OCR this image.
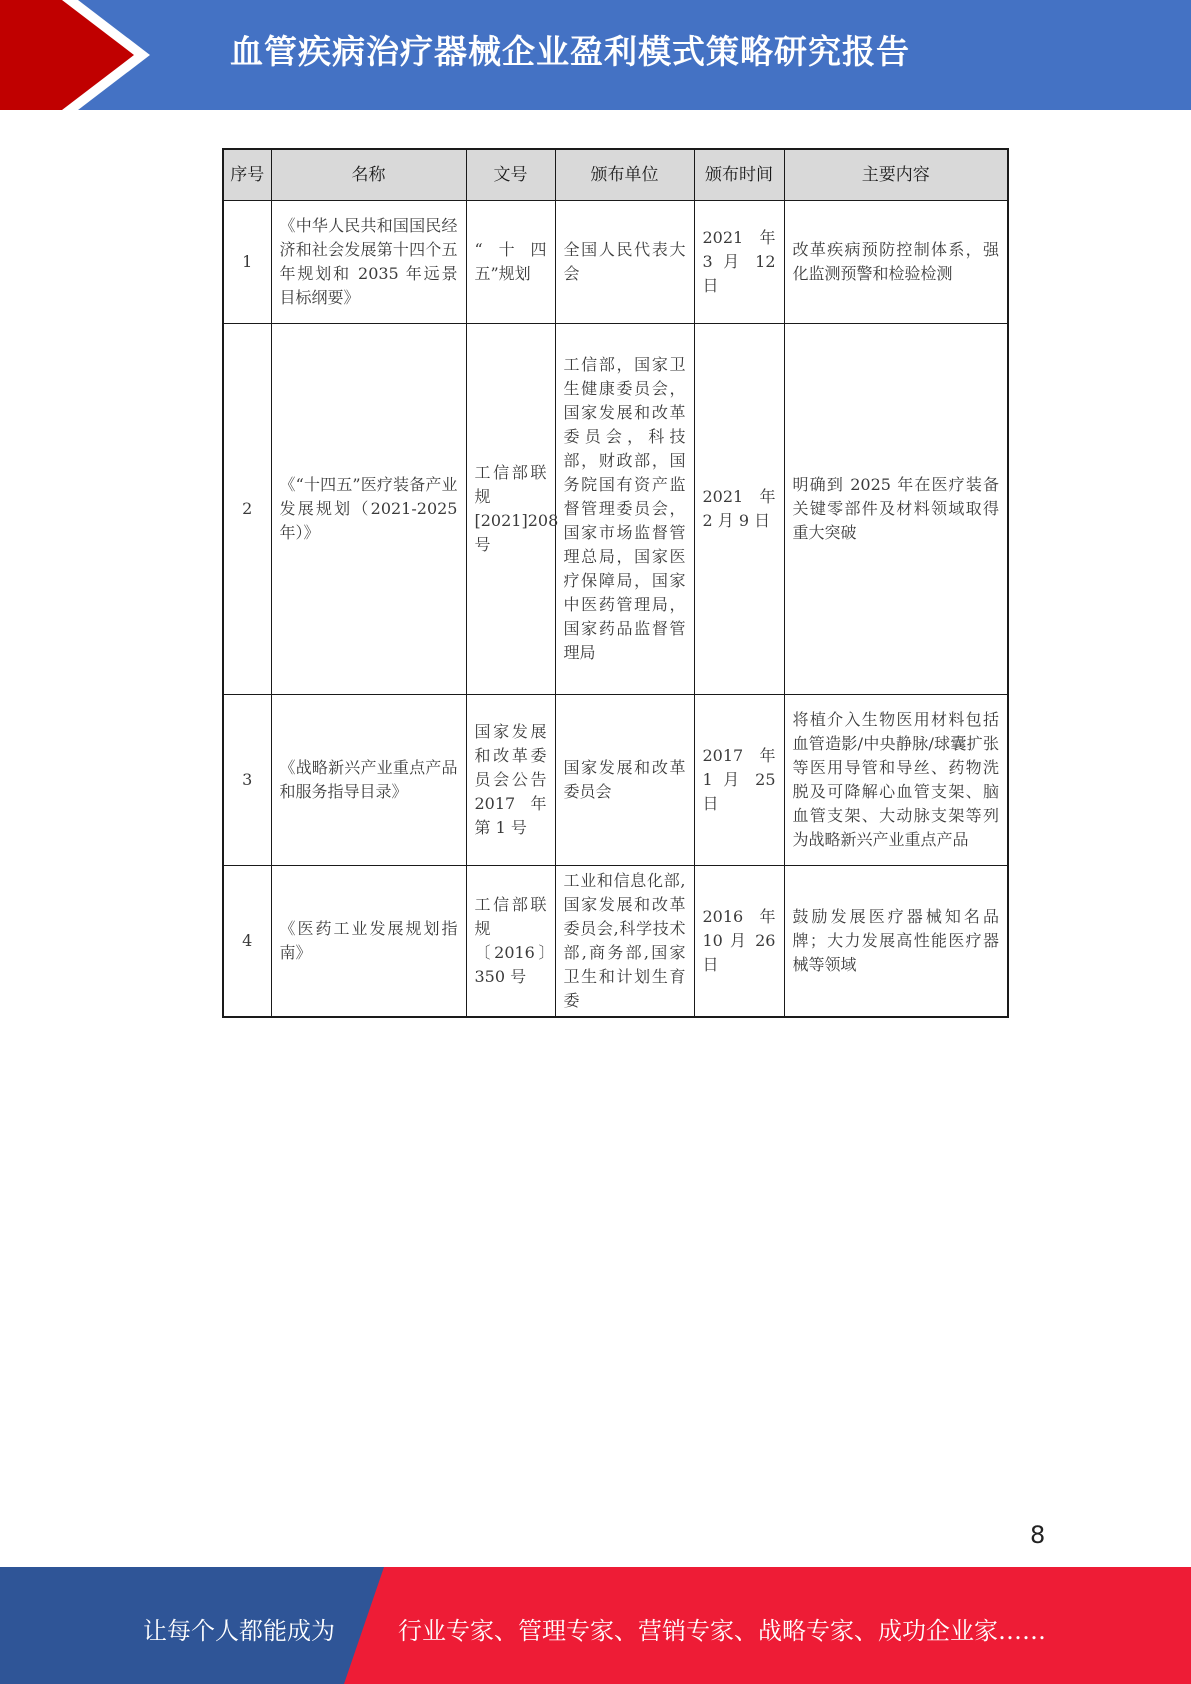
血管疾病治疗器械企业盈利模式策略研究报告
序号	名称	文号	颁布单位	颁布时间	主要内容
1	《中华人民共和国国民经济和社会发展第十四个五年规划和 2035 年远景目标纲要》	“十四五”规划	全国人民代表大会	2021 年 3 月 12 日	改革疾病预防控制体系，强化监测预警和检验检测
2	《“十四五”医疗装备产业发展规划（2021-2025 年）》	工信部联规[2021]208 号	工信部，国家卫生健康委员会，国家发展和改革委员会，科技部，财政部，国务院国有资产监督管理委员会，国家市场监督管理总局，国家医疗保障局，国家中医药管理局，国家药品监督管理局	2021 年 2 月 9 日	明确到 2025 年在医疗装备关键零部件及材料领域取得重大突破
3	《战略新兴产业重点产品和服务指导目录》	国家发展和改革委员会公告 2017 年第 1 号	国家发展和改革委员会	2017 年 1 月 25 日	将植介入生物医用材料包括血管造影/中央静脉/球囊扩张等医用导管和导丝、药物洗脱及可降解心血管支架、脑血管支架、大动脉支架等列为战略新兴产业重点产品
4	《医药工业发展规划指南》	工信部联规〔2016〕350 号	工业和信息化部,国家发展和改革委员会,科学技术部,商务部,国家卫生和计划生育委	2016 年 10 月 26 日	鼓励发展医疗器械知名品牌；大力发展高性能医疗器械等领域
8
让每个人都能成为	行业专家、管理专家、营销专家、战略专家、成功企业家……
